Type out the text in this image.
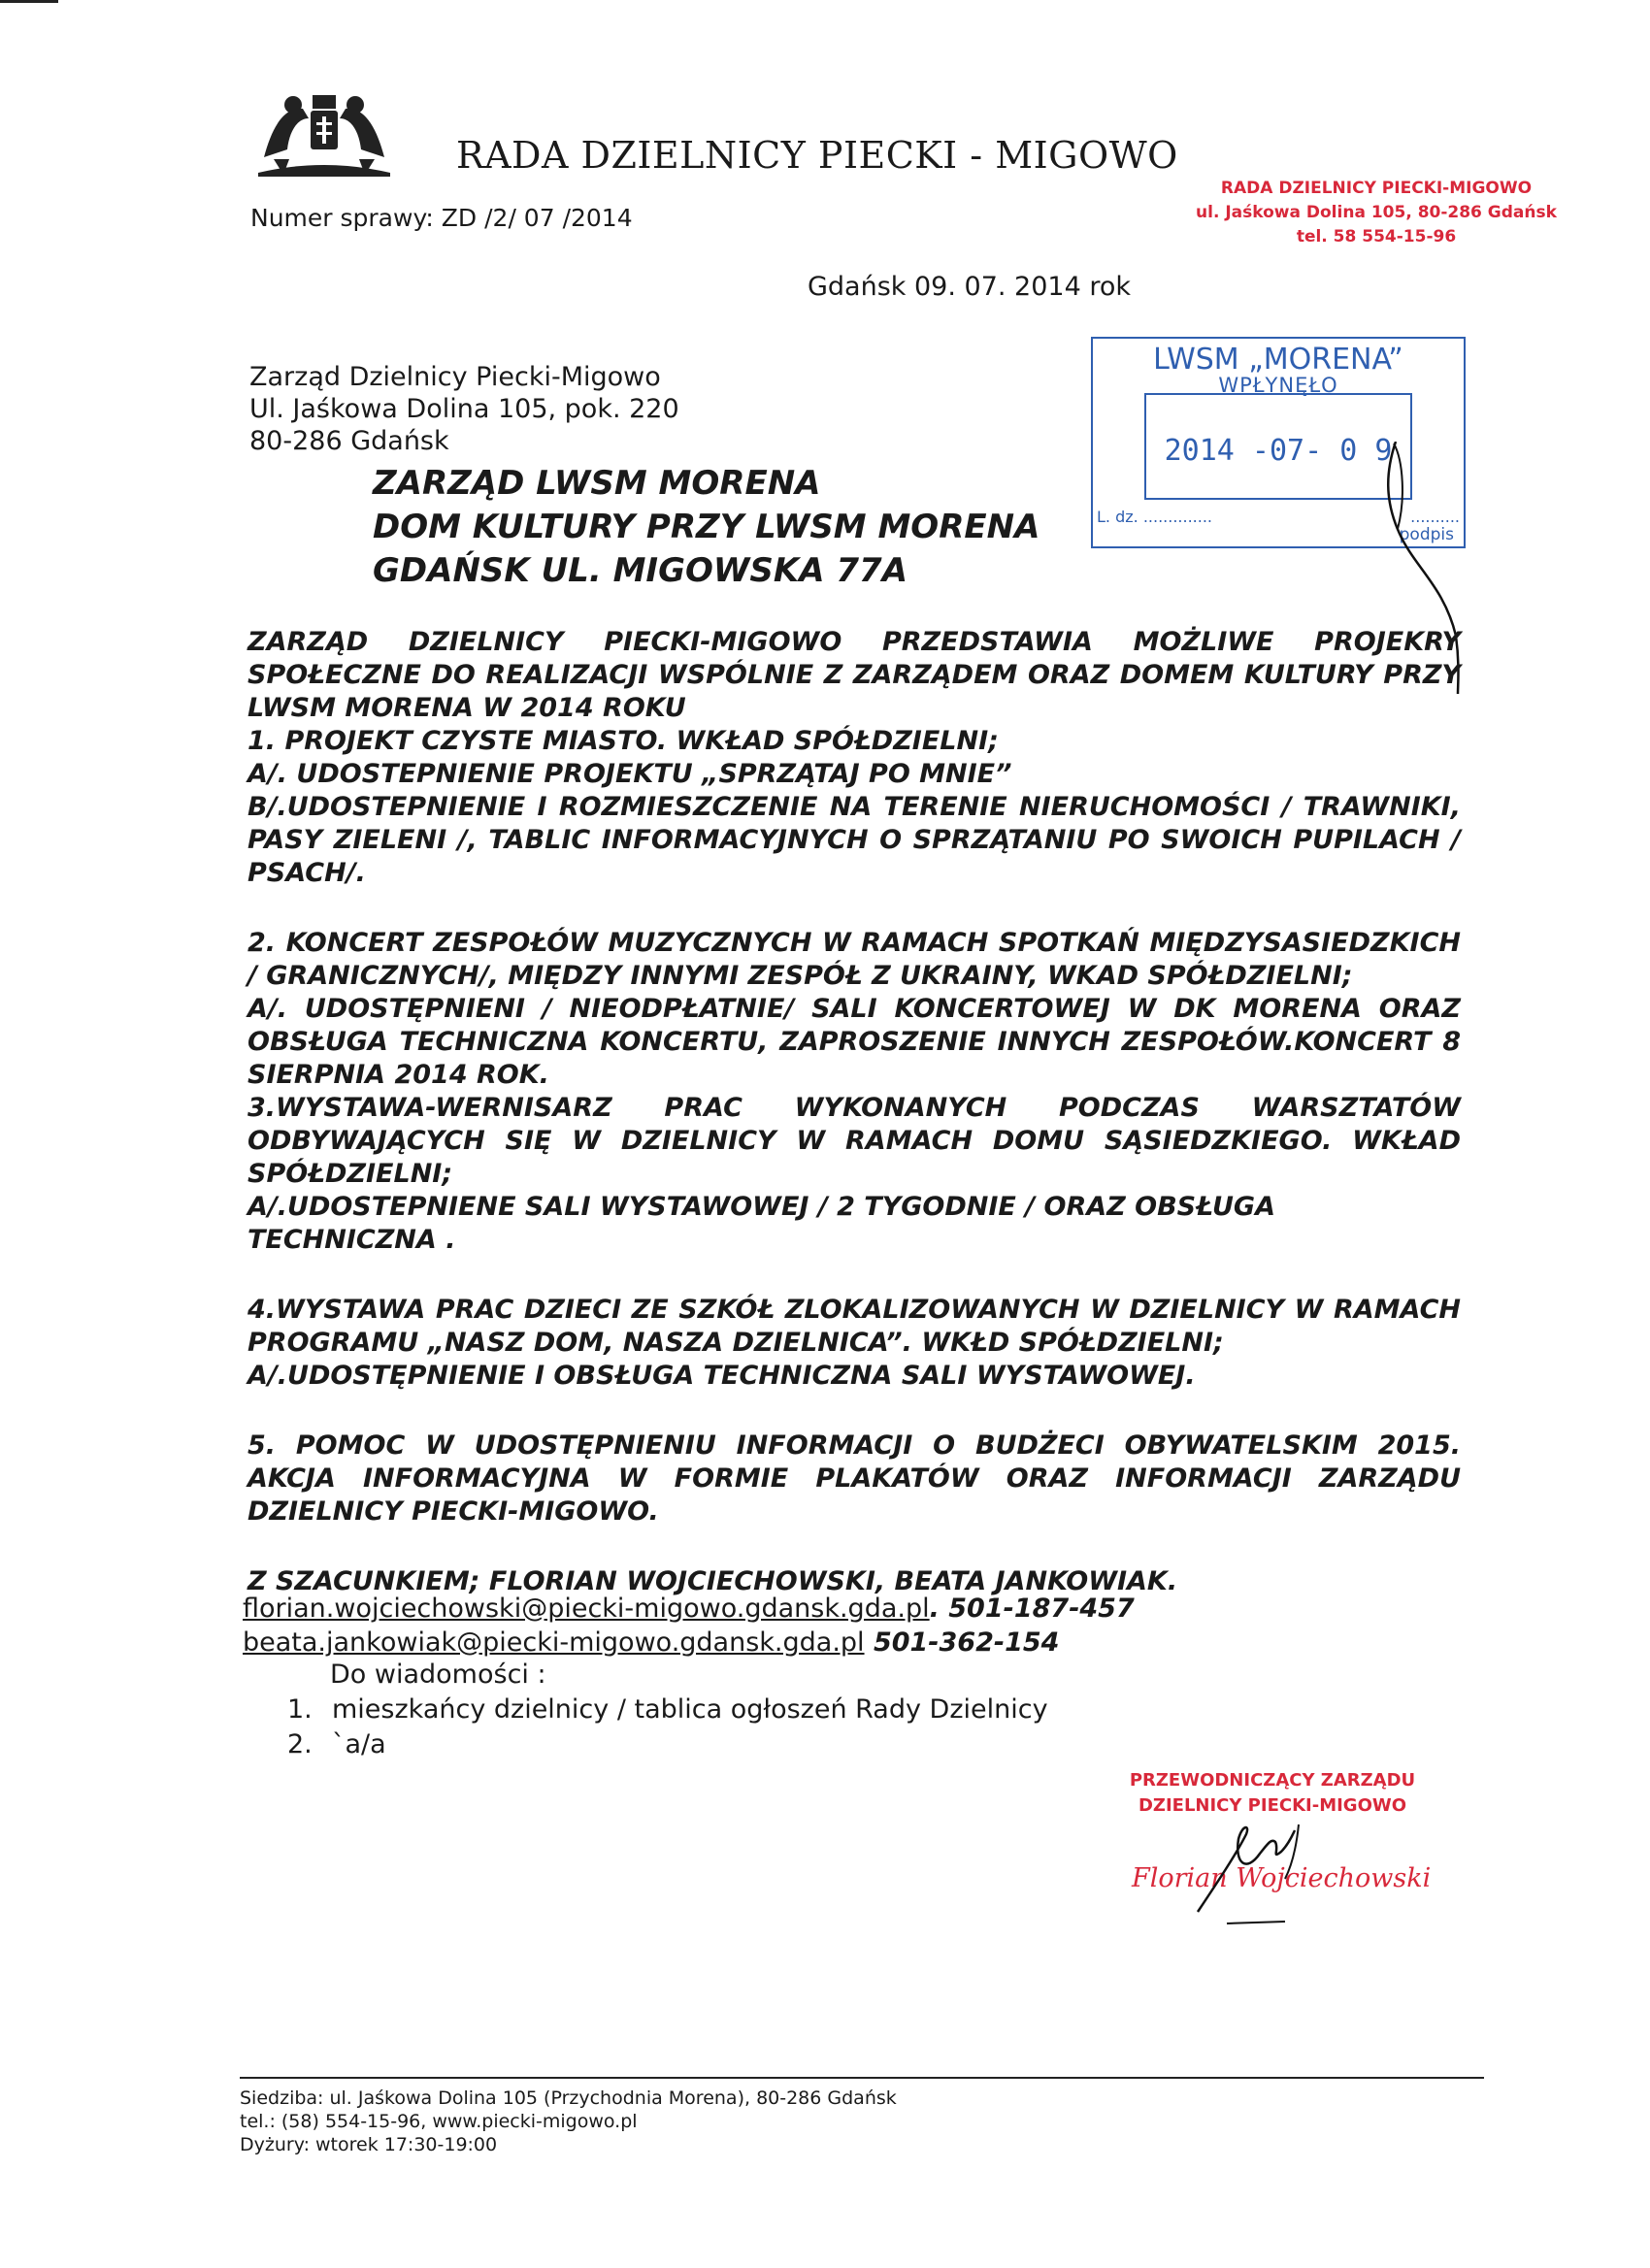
RADA DZIELNICY PIECKI - MIGOWO
Numer sprawy: ZD /2/ 07 /2014
Gdańsk 09. 07. 2014 rok
RADA DZIELNICY PIECKI-MIGOWO
ul. Jaśkowa Dolina 105, 80-286 Gdańsk
tel. 58 554-15-96
LWSM „MORENA”
WPŁYNĘŁO
2014 -07- 0 9
L. dz. ..............	..........
podpis
Zarząd Dzielnicy Piecki-Migowo
Ul. Jaśkowa Dolina 105, pok. 220
80-286 Gdańsk
ZARZĄD LWSM MORENA
DOM KULTURY PRZY LWSM MORENA
GDAŃSK UL. MIGOWSKA 77A

ZARZĄD DZIELNICY PIECKI-MIGOWO PRZEDSTAWIA MOŻLIWE PROJEKRY SPOŁECZNE DO REALIZACJI WSPÓLNIE Z ZARZĄDEM ORAZ DOMEM KULTURY PRZY LWSM MORENA W 2014 ROKU

1. PROJEKT CZYSTE MIASTO. WKŁAD SPÓŁDZIELNI;

A/. UDOSTEPNIENIE PROJEKTU „SPRZĄTAJ PO MNIE”

B/.UDOSTEPNIENIE I ROZMIESZCZENIE NA TERENIE NIERUCHOMOŚCI / TRAWNIKI, PASY ZIELENI /, TABLIC INFORMACYJNYCH O SPRZĄTANIU PO SWOICH PUPILACH / PSACH/.

2. KONCERT ZESPOŁÓW MUZYCZNYCH W RAMACH SPOTKAŃ MIĘDZYSASIEDZKICH / GRANICZNYCH/, MIĘDZY INNYMI ZESPÓŁ Z UKRAINY, WKAD SPÓŁDZIELNI;

A/. UDOSTĘPNIENI / NIEODPŁATNIE/ SALI KONCERTOWEJ W DK MORENA ORAZ OBSŁUGA TECHNICZNA KONCERTU, ZAPROSZENIE INNYCH ZESPOŁÓW.KONCERT 8 SIERPNIA 2014 ROK.

3.WYSTAWA-WERNISARZ PRAC WYKONANYCH PODCZAS WARSZTATÓW ODBYWAJĄCYCH SIĘ W DZIELNICY W RAMACH DOMU SĄSIEDZKIEGO. WKŁAD SPÓŁDZIELNI;

A/.UDOSTEPNIENE SALI WYSTAWOWEJ / 2 TYGODNIE / ORAZ OBSŁUGA TECHNICZNA .

4.WYSTAWA PRAC DZIECI ZE SZKÓŁ ZLOKALIZOWANYCH W DZIELNICY W RAMACH PROGRAMU „NASZ DOM, NASZA DZIELNICA”. WKŁD SPÓŁDZIELNI;

A/.UDOSTĘPNIENIE I OBSŁUGA TECHNICZNA SALI WYSTAWOWEJ.

5. POMOC W UDOSTĘPNIENIU INFORMACJI O BUDŻECI OBYWATELSKIM 2015. AKCJA INFORMACYJNA W FORMIE PLAKATÓW ORAZ INFORMACJI ZARZĄDU DZIELNICY PIECKI-MIGOWO.

Z SZACUNKIEM; FLORIAN WOJCIECHOWSKI, BEATA JANKOWIAK.

florian.wojciechowski@piecki-migowo.gdansk.gda.pl. 501-187-457
beata.jankowiak@piecki-migowo.gdansk.gda.pl 501-362-154
Do wiadomości :
1. mieszkańcy dzielnicy / tablica ogłoszeń Rady Dzielnicy
2. `a/a
PRZEWODNICZĄCY ZARZĄDU
DZIELNICY PIECKI-MIGOWO
Florian Wojciechowski
Siedziba: ul. Jaśkowa Dolina 105 (Przychodnia Morena), 80-286 Gdańsk
tel.: (58) 554-15-96, www.piecki-migowo.pl
Dyżury: wtorek 17:30-19:00
